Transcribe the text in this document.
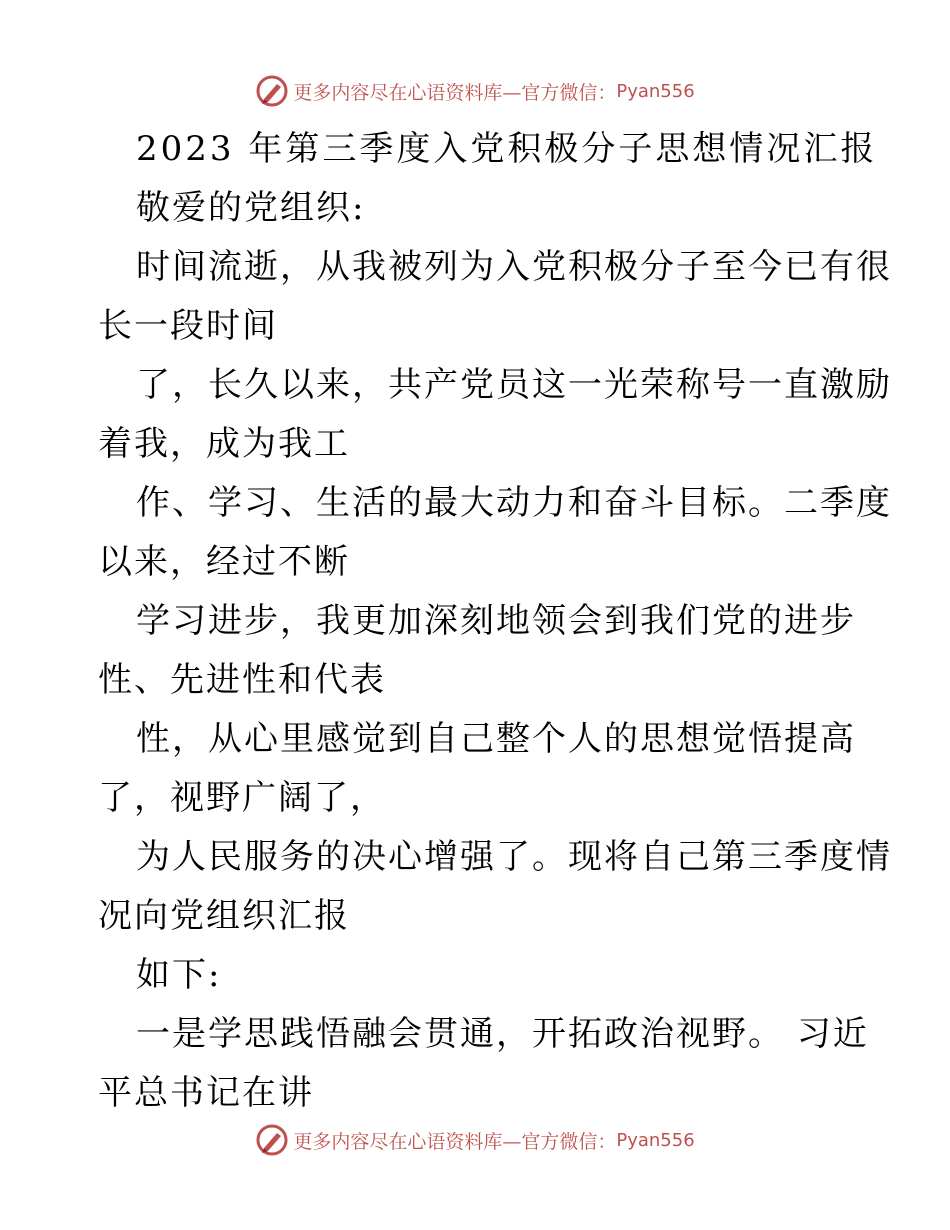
更多内容尽在心语资料库—官方微信： Pyan556
2023 年第三季度入党积极分子思想情况汇报
敬爱的党组织:
时间流逝，从我被列为入党积极分子至今已有很
长一段时间
了，长久以来，共产党员这一光荣称号一直激励
着我，成为我工
作、学习、生活的最大动力和奋斗目标。二季度
以来，经过不断
学习进步，我更加深刻地领会到我们党的进步
性、先进性和代表
性，从心里感觉到自己整个人的思想觉悟提高
了，视野广阔了，
为人民服务的决心增强了。现将自己第三季度情
况向党组织汇报
如下:
一是学思践悟融会贯通，开拓政治视野。 习近
平总书记在讲
更多内容尽在心语资料库—官方微信： Pyan556
